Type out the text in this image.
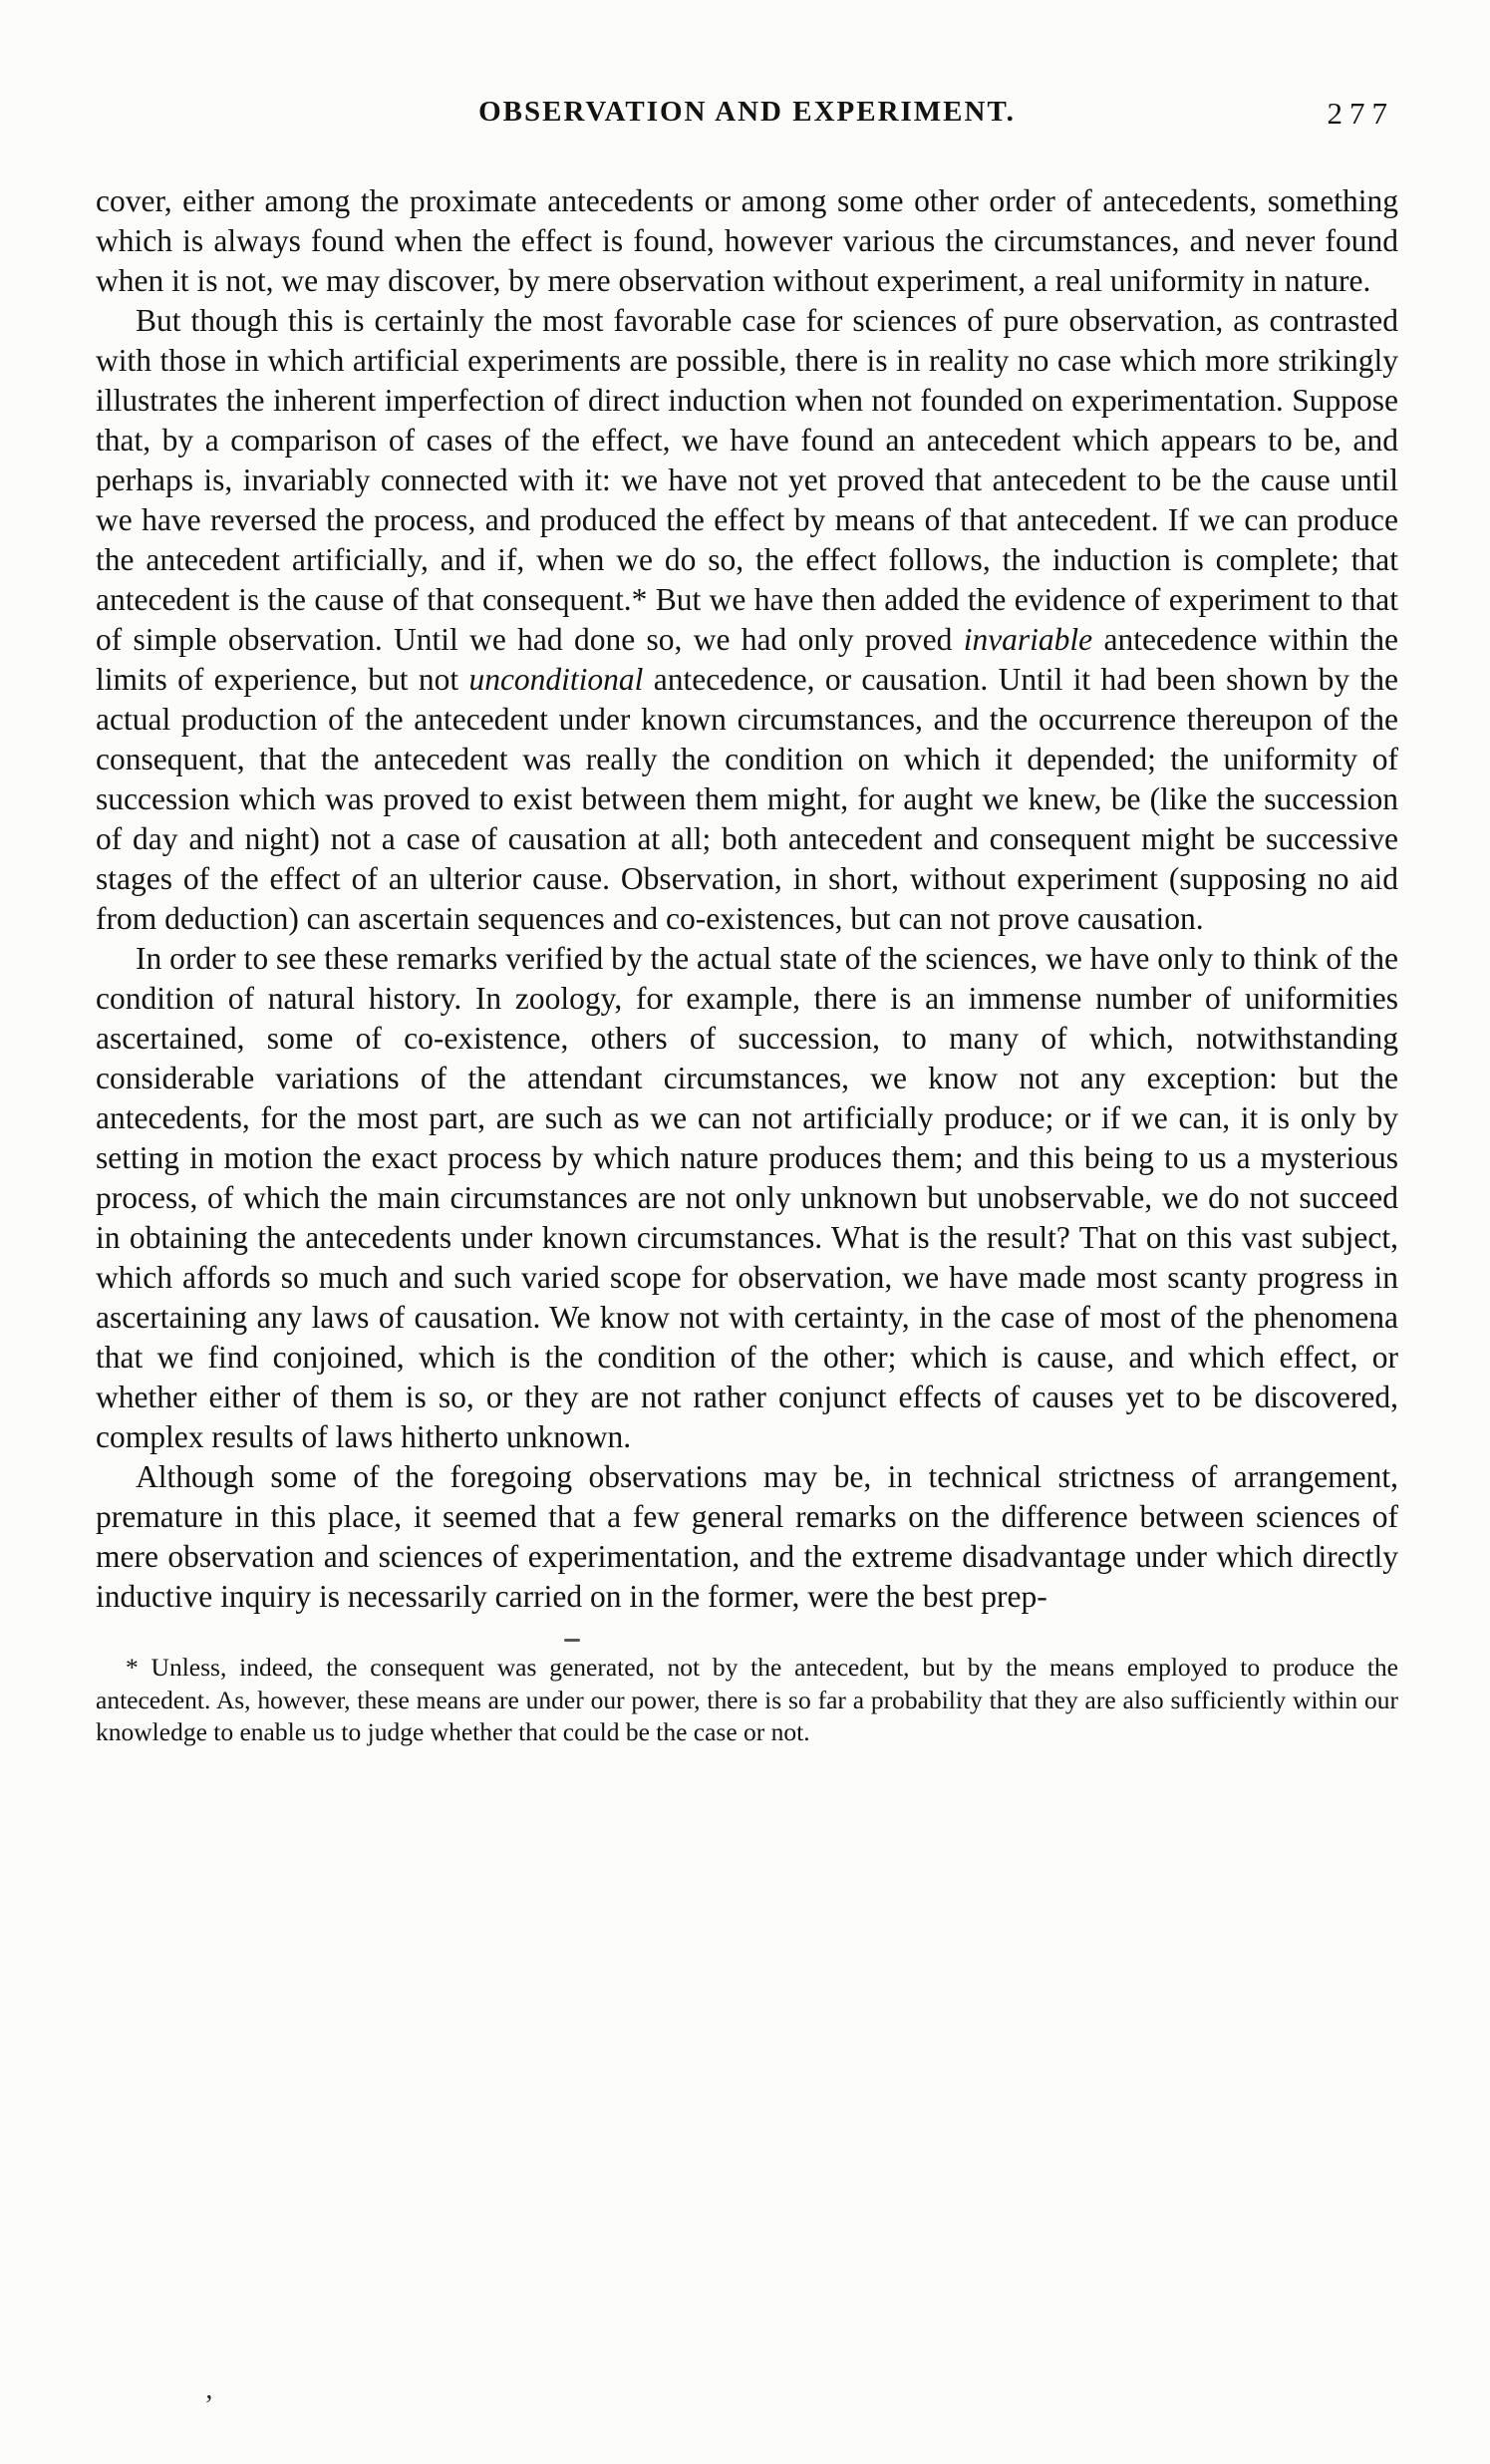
OBSERVATION AND EXPERIMENT.	277

cover, either among the proximate antecedents or among some other order of antecedents, something which is always found when the effect is found, however various the circumstances, and never found when it is not, we may discover, by mere observation without experiment, a real uniformity in nature.

But though this is certainly the most favorable case for sciences of pure observation, as contrasted with those in which artificial experiments are possible, there is in reality no case which more strikingly illustrates the inherent imperfection of direct induction when not founded on experimentation. Suppose that, by a comparison of cases of the effect, we have found an antecedent which appears to be, and perhaps is, invariably connected with it: we have not yet proved that antecedent to be the cause until we have reversed the process, and produced the effect by means of that antecedent. If we can produce the antecedent artificially, and if, when we do so, the effect follows, the induction is complete; that antecedent is the cause of that consequent.* But we have then added the evidence of experiment to that of simple observation. Until we had done so, we had only proved invariable antecedence within the limits of experience, but not unconditional antecedence, or causation. Until it had been shown by the actual production of the antecedent under known circumstances, and the occurrence thereupon of the consequent, that the antecedent was really the condition on which it depended; the uniformity of succession which was proved to exist between them might, for aught we knew, be (like the succession of day and night) not a case of causation at all; both antecedent and consequent might be successive stages of the effect of an ulterior cause. Observation, in short, without experiment (supposing no aid from deduction) can ascertain sequences and co-existences, but can not prove causation.

In order to see these remarks verified by the actual state of the sciences, we have only to think of the condition of natural history. In zoology, for example, there is an immense number of uniformities ascertained, some of co-existence, others of succession, to many of which, notwithstanding considerable variations of the attendant circumstances, we know not any exception: but the antecedents, for the most part, are such as we can not artificially produce; or if we can, it is only by setting in motion the exact process by which nature produces them; and this being to us a mysterious process, of which the main circumstances are not only unknown but unobservable, we do not succeed in obtaining the antecedents under known circumstances. What is the result? That on this vast subject, which affords so much and such varied scope for observation, we have made most scanty progress in ascertaining any laws of causation. We know not with certainty, in the case of most of the phenomena that we find conjoined, which is the condition of the other; which is cause, and which effect, or whether either of them is so, or they are not rather conjunct effects of causes yet to be discovered, complex results of laws hitherto unknown.

Although some of the foregoing observations may be, in technical strictness of arrangement, premature in this place, it seemed that a few general remarks on the difference between sciences of mere observation and sciences of experimentation, and the extreme disadvantage under which directly inductive inquiry is necessarily carried on in the former, were the best prep-

* Unless, indeed, the consequent was generated, not by the antecedent, but by the means employed to produce the antecedent. As, however, these means are under our power, there is so far a probability that they are also sufficiently within our knowledge to enable us to judge whether that could be the case or not.

’
